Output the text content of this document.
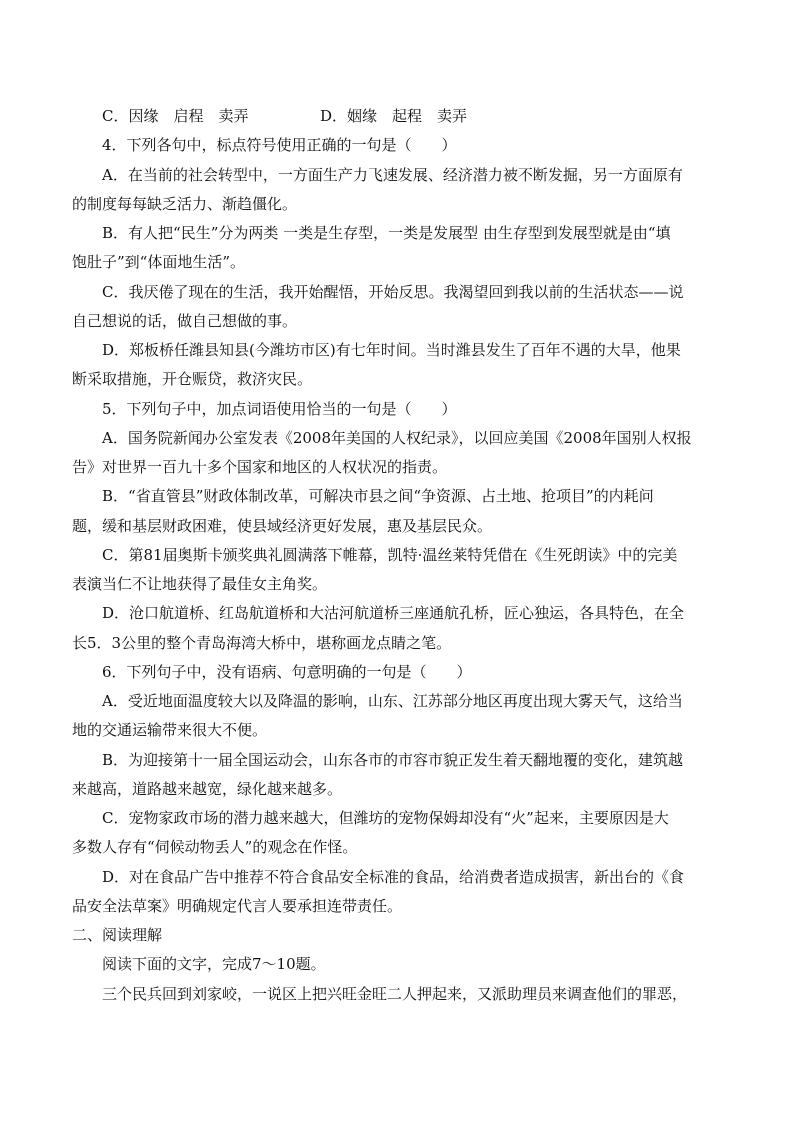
C．因缘　启程　卖弄	D．姻缘　起程　卖弄
4．下列各句中，标点符号使用正确的一句是（　　）
A．在当前的社会转型中，一方面生产力飞速发展、经济潜力被不断发掘，另一方面原有
的制度每每缺乏活力、渐趋僵化。
B．有人把“民生”分为两类 一类是生存型，一类是发展型 由生存型到发展型就是由“填
饱肚子”到“体面地生活”。
C．我厌倦了现在的生活，我开始醒悟，开始反思。我渴望回到我以前的生活状态——说
自己想说的话，做自己想做的事。
D．郑板桥任潍县知县(今潍坊市区)有七年时间。当时潍县发生了百年不遇的大旱，他果
断采取措施，开仓赈贷，救济灾民。
5．下列句子中，加点词语使用恰当的一句是（　　）
A．国务院新闻办公室发表《2008年美国的人权纪录》，以回应美国《2008年国别人权报
告》对世界一百九十多个国家和地区的人权状况的指责。
B．“省直管县”财政体制改革，可解决市县之间“争资源、占土地、抢项目”的内耗问
题，缓和基层财政困难，使县域经济更好发展，惠及基层民众。
C．第81届奥斯卡颁奖典礼圆满落下帷幕，凯特·温丝莱特凭借在《生死朗读》中的完美
表演当仁不让地获得了最佳女主角奖。
D．沧口航道桥、红岛航道桥和大沽河航道桥三座通航孔桥，匠心独运，各具特色，在全
长5．3公里的整个青岛海湾大桥中，堪称画龙点睛之笔。
6．下列句子中，没有语病、句意明确的一句是（　　）
A．受近地面温度较大以及降温的影响，山东、江苏部分地区再度出现大雾天气，这给当
地的交通运输带来很大不便。
B．为迎接第十一届全国运动会，山东各市的市容市貌正发生着天翻地覆的变化，建筑越
来越高，道路越来越宽，绿化越来越多。
C．宠物家政市场的潜力越来越大，但潍坊的宠物保姆却没有“火”起来，主要原因是大
多数人存有“伺候动物丢人”的观念在作怪。
D．对在食品广告中推荐不符合食品安全标准的食品，给消费者造成损害，新出台的《食
品安全法草案》明确规定代言人要承担连带责任。
二、阅读理解
阅读下面的文字，完成7～10题。
三个民兵回到刘家峧，一说区上把兴旺金旺二人押起来，又派助理员来调查他们的罪恶，
